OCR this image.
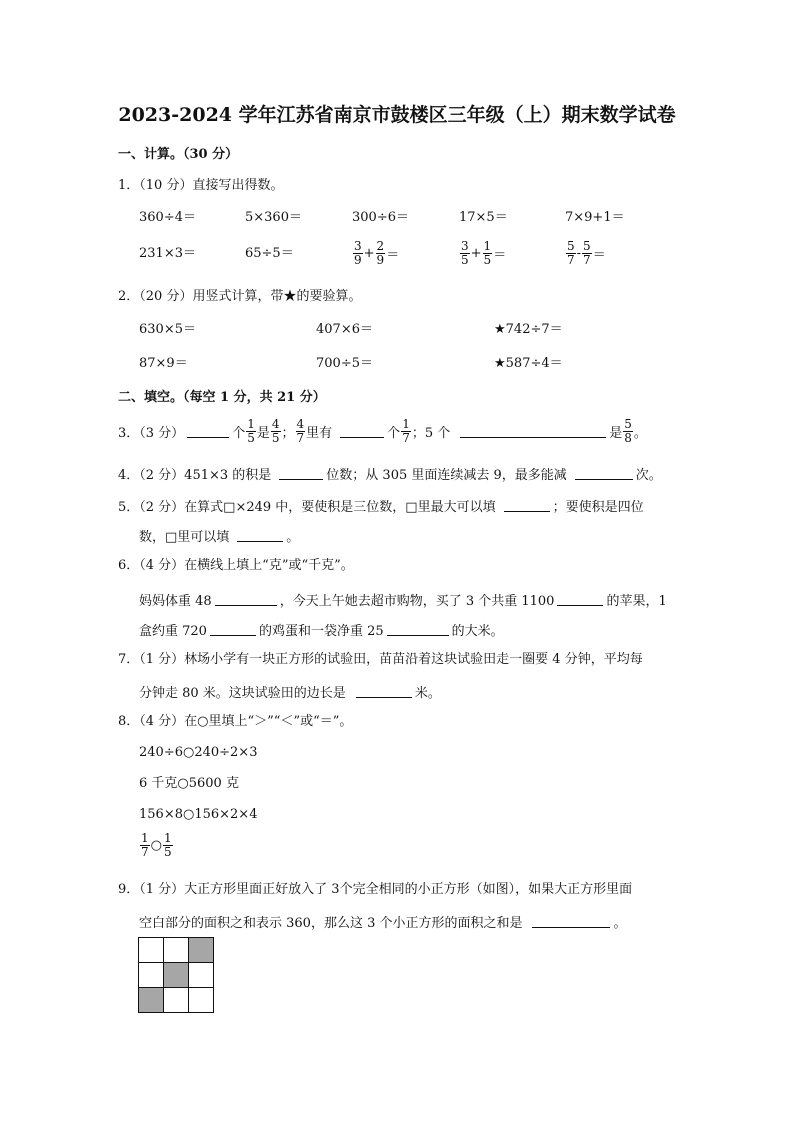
2023-2024 学年江苏省南京市鼓楼区三年级（上）期末数学试卷
一、计算。（30 分）
1．（10 分）直接写出得数。
360÷4＝	5×360＝	300÷6＝	17×5＝	7×9+1＝
231×3＝	65÷5＝	$\frac{3}{9} + \frac{2}{9}$ ＝	$\frac{3}{5} + \frac{1}{5}$ ＝	$\frac{5}{7} - \frac{5}{7}$ ＝
2．（20 分）用竖式计算，带★的要验算。
630×5＝	407×6＝	★742÷7＝
87×9＝	700÷5＝	★587÷4＝
二、填空。（每空 1 分，共 21 分）
3．（3 分）	个 $\frac{1}{5}$ 是 $\frac{4}{5}$ ； $\frac{4}{7}$ 里有	个 $\frac{1}{7}$ ；5 个	是 $\frac{5}{8}$ 。
4．（2 分）451×3 的积是	位数；从 305 里面连续减去 9，最多能减	次。
5．（2 分）在算式□×249 中，要使积是三位数，□里最大可以填	；要使积是四位
数，□里可以填	。
6．（4 分）在横线上填上“克”或“千克”。
妈妈体重 48	，今天上午她去超市购物，买了 3 个共重 1100	的苹果，1
盒约重 720	的鸡蛋和一袋净重 25	的大米。
7．（1 分）林场小学有一块正方形的试验田，苗苗沿着这块试验田走一圈要 4 分钟，平均每
分钟走 80 米。这块试验田的边长是	米。
8．（4 分）在○里填上“＞”“＜”或“＝”。
240÷6○240÷2×3
6 千克○5600 克
156×8○156×2×4
$\frac{1}{7}$ ○ $\frac{1}{5}$
9．（1 分）大正方形里面正好放入了 3个完全相同的小正方形（如图），如果大正方形里面
空白部分的面积之和表示 360，那么这 3 个小正方形的面积之和是	。
